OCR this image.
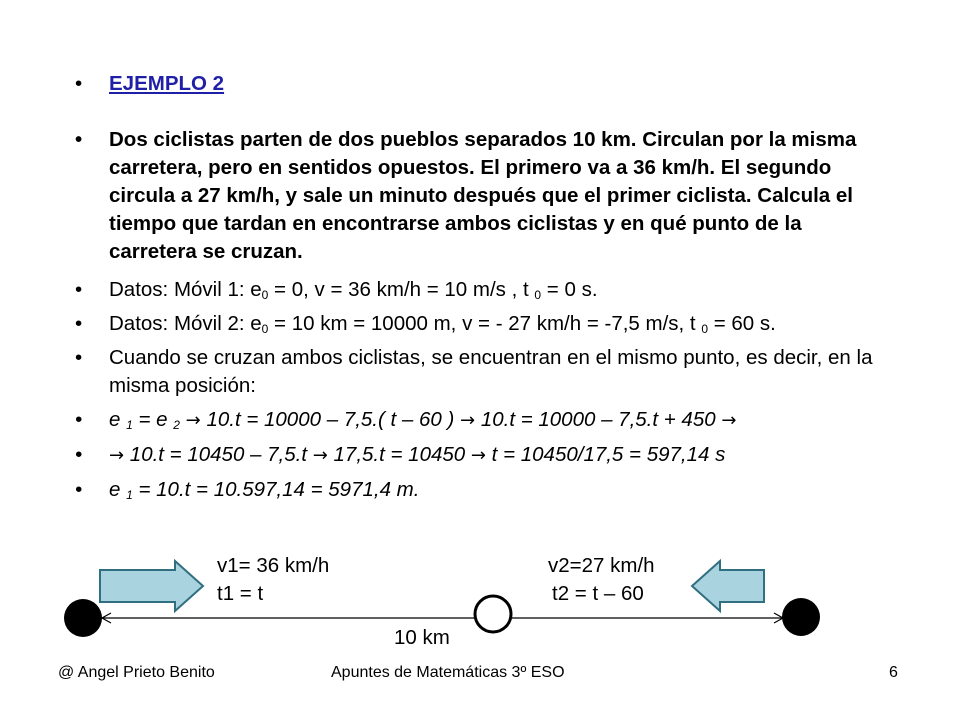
• EJEMPLO 2
• Dos ciclistas parten de dos pueblos separados 10 km. Circulan por la misma carretera, pero en sentidos opuestos. El primero va a 36 km/h. El segundo circula a 27 km/h, y sale un minuto después que el primer ciclista. Calcula el tiempo que tardan en encontrarse ambos ciclistas y en qué punto de la carretera se cruzan.
• Datos: Móvil 1: $e_0 = 0$, v = 36 km/h = 10 m/s , t $_0$ = 0 s.
• Datos: Móvil 2: $e_0 = 10$ km = 10000 m, v = - 27 km/h = -7,5 m/s, t $_0$ = 60 s.
• Cuando se cruzan ambos ciclistas, se encuentran en el mismo punto, es decir, en la misma posición:
• e $_1$ = e $_2$ → 10.t = 10000 – 7,5.( t – 60 ) → 10.t = 10000 – 7,5.t + 450 →
• → 10.t = 10450 – 7,5.t → 17,5.t = 10450 → t = 10450/17,5 = 597,14 s
• e $_1$ = 10.t = 10.597,14 = 5971,4 m.
v1= 36 km/h
t1 = t
v2=27 km/h
t2 = t – 60
10 km
@ Angel Prieto Benito	Apuntes de Matemáticas 3º ESO	6
